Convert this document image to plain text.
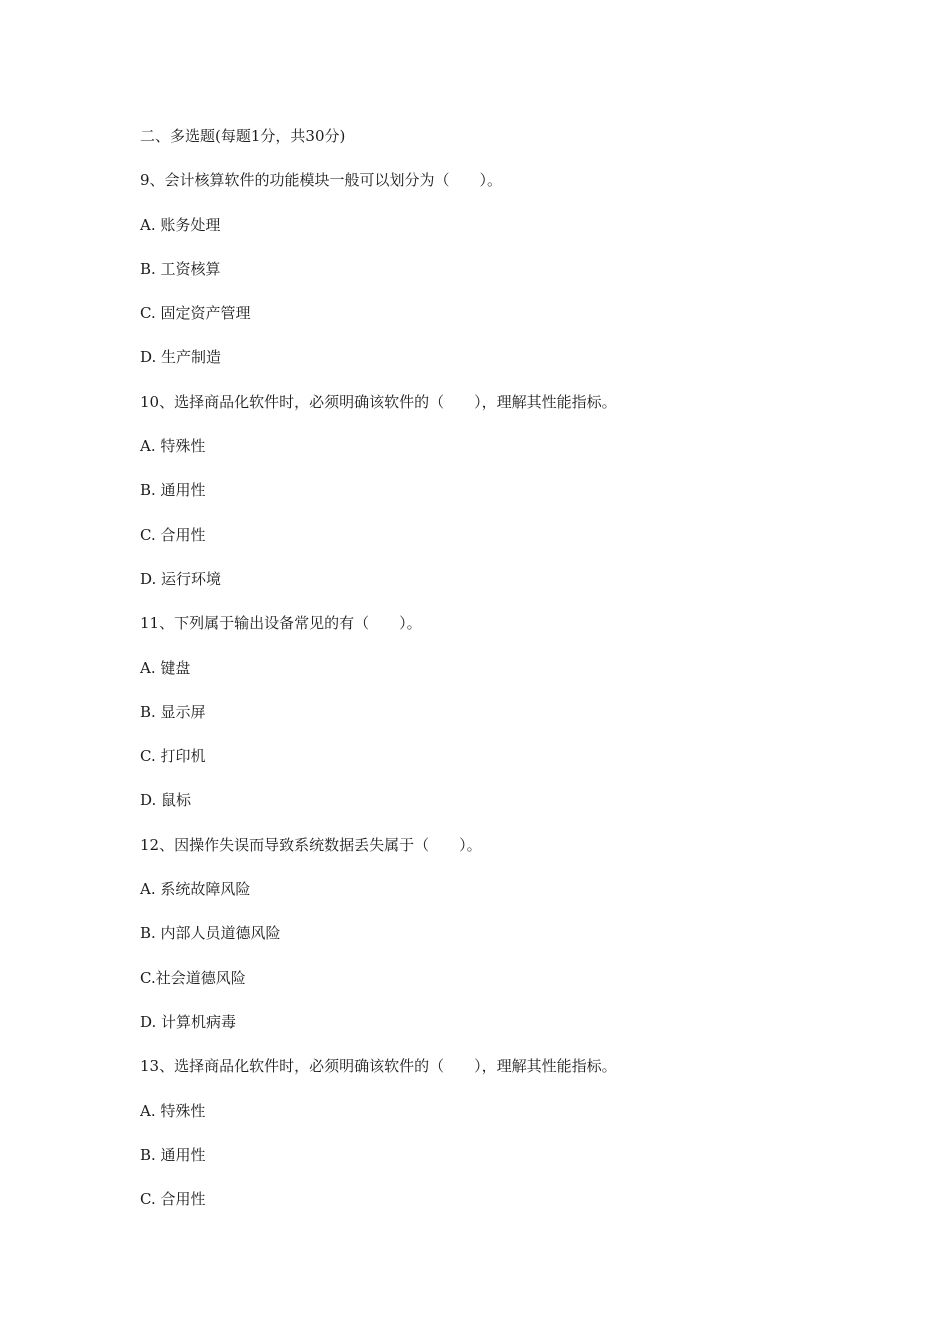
二、多选题(每题1分，共30分)
9、会计核算软件的功能模块一般可以划分为（　　）。
A. 账务处理
B. 工资核算
C. 固定资产管理
D. 生产制造
10、选择商品化软件时，必须明确该软件的（　　），理解其性能指标。
A. 特殊性
B. 通用性
C. 合用性
D. 运行环境
11、下列属于输出设备常见的有（　　）。
A. 键盘
B. 显示屏
C. 打印机
D. 鼠标
12、因操作失误而导致系统数据丢失属于（　　）。
A. 系统故障风险
B. 内部人员道德风险
C.社会道德风险
D. 计算机病毒
13、选择商品化软件时，必须明确该软件的（　　），理解其性能指标。
A. 特殊性
B. 通用性
C. 合用性
